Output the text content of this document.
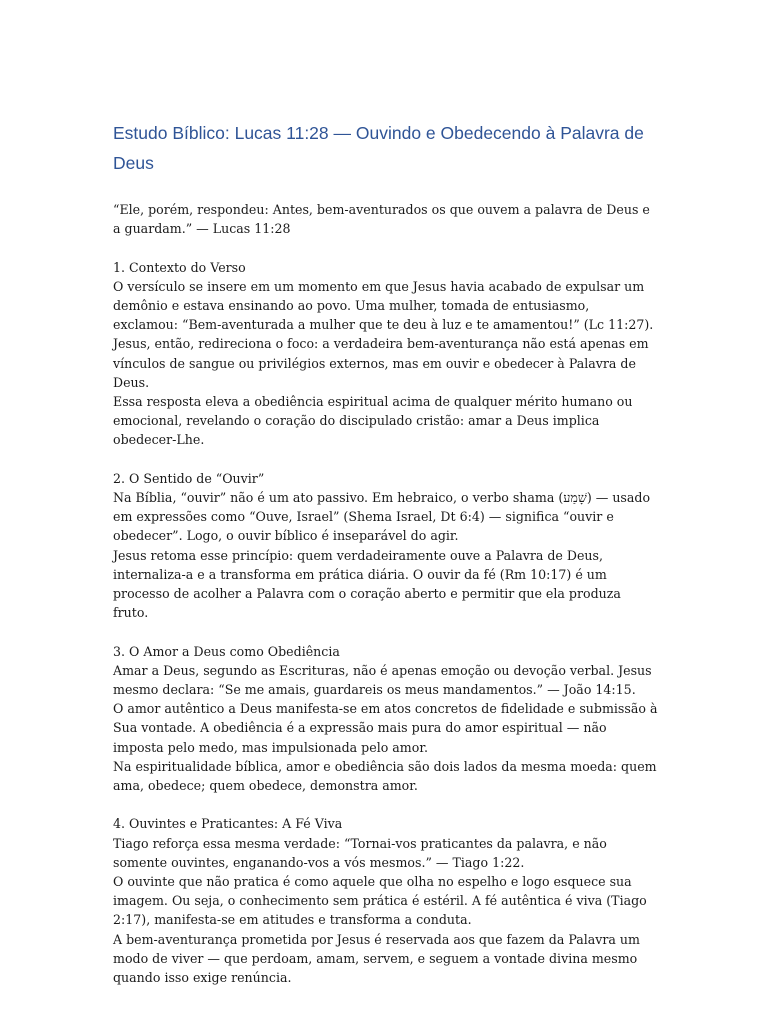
Estudo Bíblico: Lucas 11:28 — Ouvindo e Obedecendo à Palavra de Deus

“Ele, porém, respondeu: Antes, bem-aventurados os que ouvem a palavra de Deus e a guardam.” — Lucas 11:28

1. Contexto do Verso

O versículo se insere em um momento em que Jesus havia acabado de expulsar um demônio e estava ensinando ao povo. Uma mulher, tomada de entusiasmo, exclamou: “Bem-aventurada a mulher que te deu à luz e te amamentou!” (Lc 11:27). Jesus, então, redireciona o foco: a verdadeira bem-aventurança não está apenas em vínculos de sangue ou privilégios externos, mas em ouvir e obedecer à Palavra de Deus.

Essa resposta eleva a obediência espiritual acima de qualquer mérito humano ou emocional, revelando o coração do discipulado cristão: amar a Deus implica obedecer-Lhe.

2. O Sentido de “Ouvir”

Na Bíblia, “ouvir” não é um ato passivo. Em hebraico, o verbo shama (שָׁמַע) — usado em expressões como “Ouve, Israel” (Shema Israel, Dt 6:4) — significa “ouvir e obedecer”. Logo, o ouvir bíblico é inseparável do agir.

Jesus retoma esse princípio: quem verdadeiramente ouve a Palavra de Deus, internaliza-a e a transforma em prática diária. O ouvir da fé (Rm 10:17) é um processo de acolher a Palavra com o coração aberto e permitir que ela produza fruto.

3. O Amor a Deus como Obediência

Amar a Deus, segundo as Escrituras, não é apenas emoção ou devoção verbal. Jesus mesmo declara: “Se me amais, guardareis os meus mandamentos.” — João 14:15.

O amor autêntico a Deus manifesta-se em atos concretos de fidelidade e submissão à Sua vontade. A obediência é a expressão mais pura do amor espiritual — não imposta pelo medo, mas impulsionada pelo amor.

Na espiritualidade bíblica, amor e obediência são dois lados da mesma moeda: quem ama, obedece; quem obedece, demonstra amor.

4. Ouvintes e Praticantes: A Fé Viva

Tiago reforça essa mesma verdade: “Tornai-vos praticantes da palavra, e não somente ouvintes, enganando-vos a vós mesmos.” — Tiago 1:22.

O ouvinte que não pratica é como aquele que olha no espelho e logo esquece sua imagem. Ou seja, o conhecimento sem prática é estéril. A fé autêntica é viva (Tiago 2:17), manifesta-se em atitudes e transforma a conduta.

A bem-aventurança prometida por Jesus é reservada aos que fazem da Palavra um modo de viver — que perdoam, amam, servem, e seguem a vontade divina mesmo quando isso exige renúncia.
